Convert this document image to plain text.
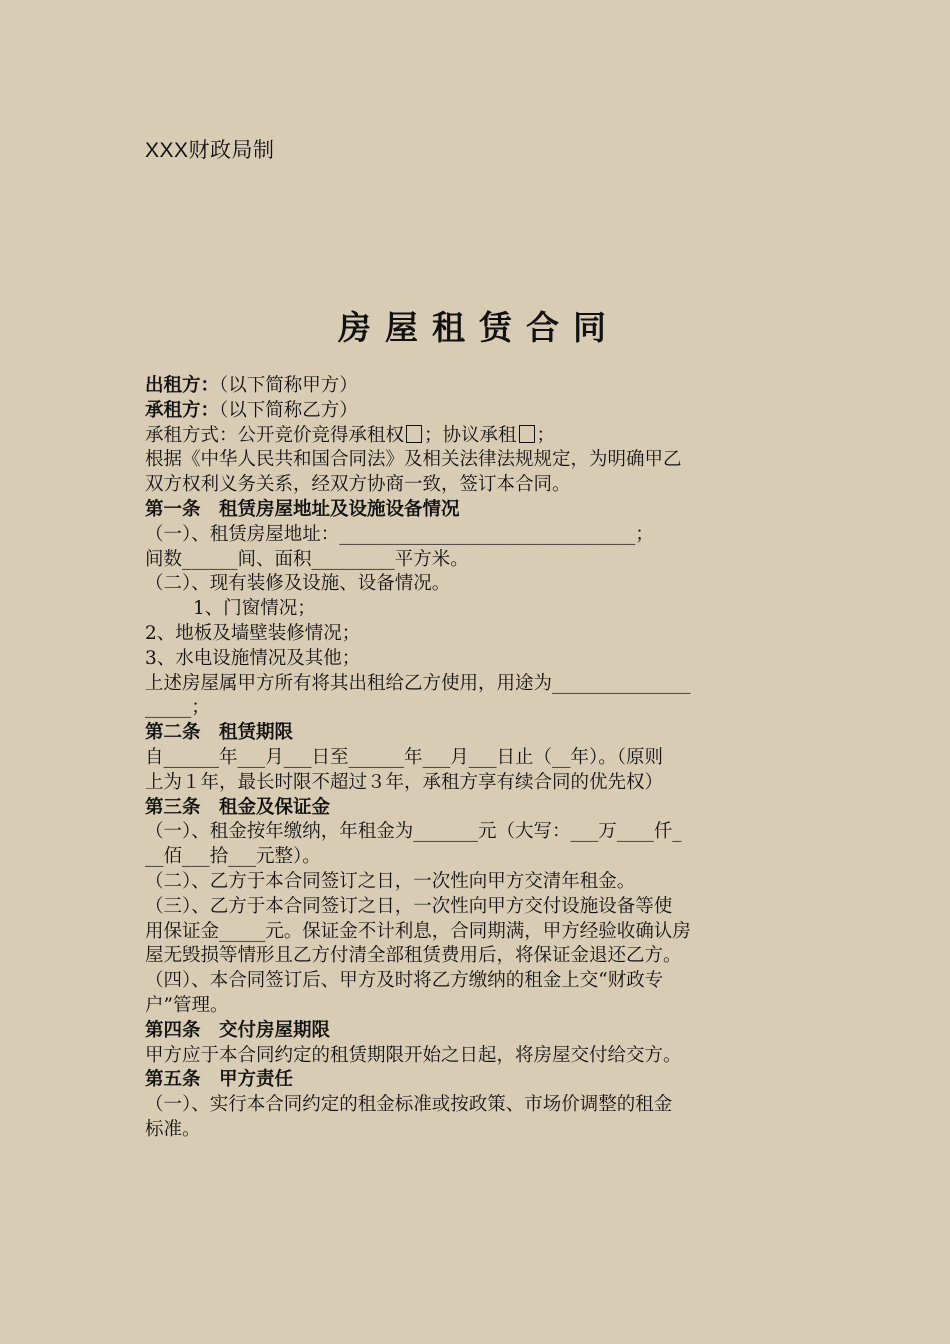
XXX财政局制
房屋租赁合同
出租方：（以下简称甲方）
承租方：（以下简称乙方）
承租方式：公开竞价竞得承租权 ；协议承租 ；
根据《中华人民共和国合同法》及相关法律法规规定，为明确甲乙
双方权利义务关系，经双方协商一致，签订本合同。
第一条　租赁房屋地址及设施设备情况
（一）、租赁房屋地址：________________________________；
间数______间、面积_________平方米。
（二）、现有装修及设施、设备情况。
1、门窗情况；
2、地板及墙壁装修情况；
3、水电设施情况及其他；
上述房屋属甲方所有将其出租给乙方使用，用途为_______________
_____；
第二条　租赁期限
自______年___月___日至______年___月___日止（__年）。（原则
上为１年，最长时限不超过３年，承租方享有续合同的优先权）
第三条　租金及保证金
（一）、租金按年缴纳，年租金为_______元（大写：___万____仟_
__佰___拾___元整）。
（二）、乙方于本合同签订之日，一次性向甲方交清年租金。
（三）、乙方于本合同签订之日，一次性向甲方交付设施设备等使
用保证金_____元。保证金不计利息，合同期满，甲方经验收确认房
屋无毁损等情形且乙方付清全部租赁费用后，将保证金退还乙方。
（四）、本合同签订后、甲方及时将乙方缴纳的租金上交“财政专
户”管理。
第四条　交付房屋期限
甲方应于本合同约定的租赁期限开始之日起，将房屋交付给交方。
第五条　甲方责任
（一）、实行本合同约定的租金标准或按政策、市场价调整的租金
标准。
